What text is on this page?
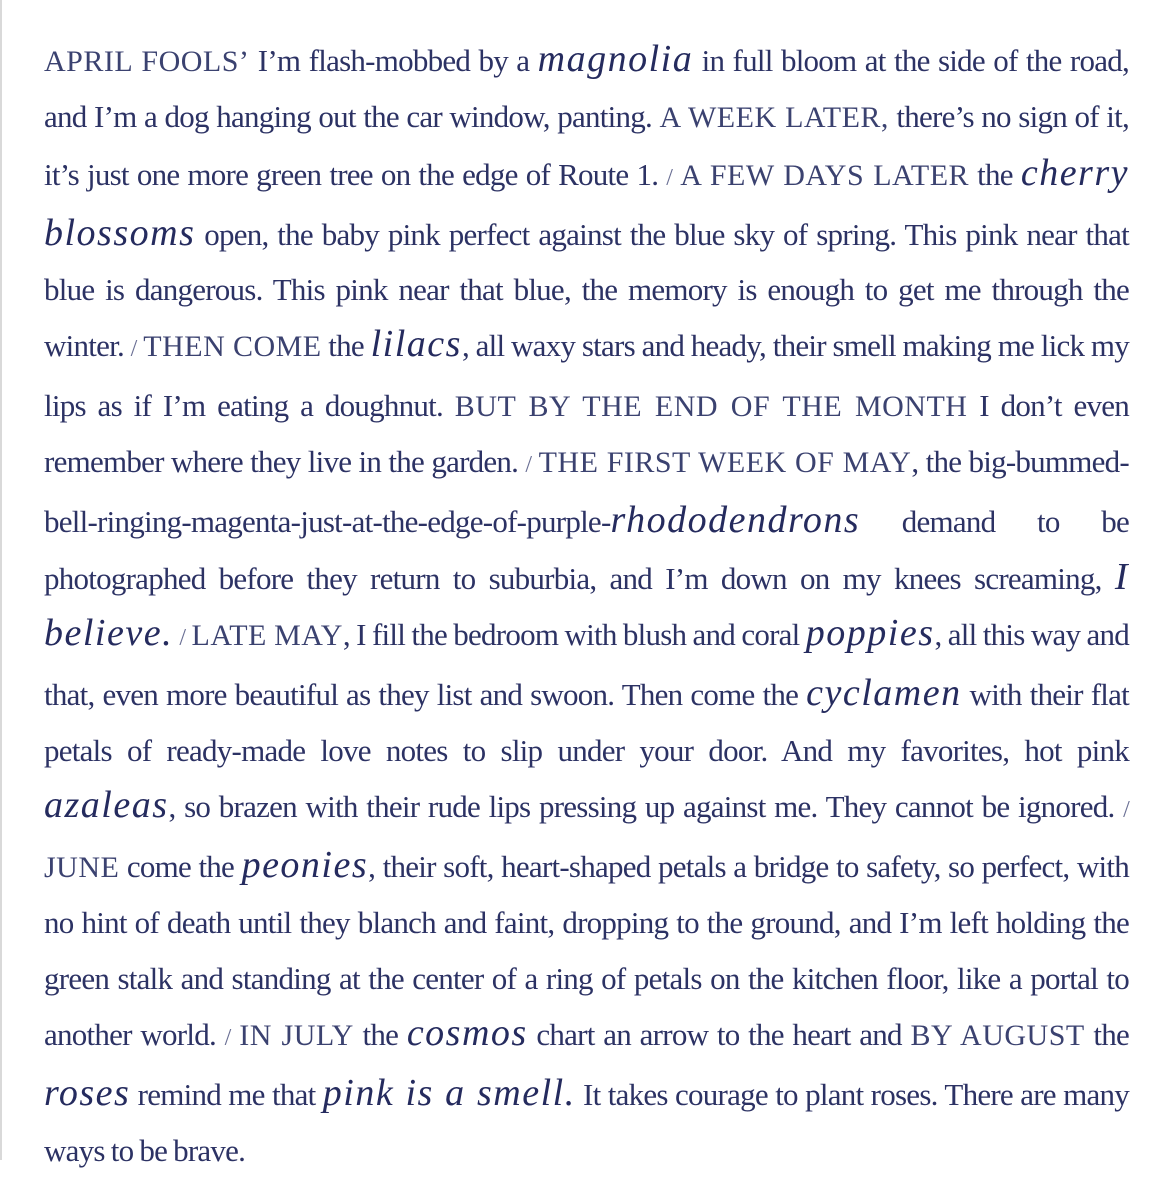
APRIL FOOLS’ I’m flash-mobbed by a magnolia in full bloom at the side of the road, and I’m a dog hanging out the car window, panting. A WEEK LATER, there’s no sign of it, it’s just one more green tree on the edge of Route 1. / A FEW DAYS LATER the cherry blossoms open, the baby pink perfect against the blue sky of spring. This pink near that blue is dangerous. This pink near that blue, the memory is enough to get me through the winter. / THEN COME the lilacs, all waxy stars and heady, their smell making me lick my lips as if I’m eating a doughnut. BUT BY THE END OF THE MONTH I don’t even remember where they live in the garden. / THE FIRST WEEK OF MAY, the big-bummed-bell-ringing-magenta-just-at-the-edge-of-purple-rhododendrons demand to be photographed before they return to suburbia, and I’m down on my knees screaming, I believe. / LATE MAY, I fill the bedroom with blush and coral poppies, all this way and that, even more beautiful as they list and swoon. Then come the cyclamen with their flat petals of ready-made love notes to slip under your door. And my favorites, hot pink azaleas, so brazen with their rude lips pressing up against me. They cannot be ignored. / JUNE come the peonies, their soft, heart-shaped petals a bridge to safety, so perfect, with no hint of death until they blanch and faint, dropping to the ground, and I’m left holding the green stalk and standing at the center of a ring of petals on the kitchen floor, like a portal to another world. / IN JULY the cosmos chart an arrow to the heart and BY AUGUST the roses remind me that pink is a smell. It takes courage to plant roses. There are many ways to be brave.
